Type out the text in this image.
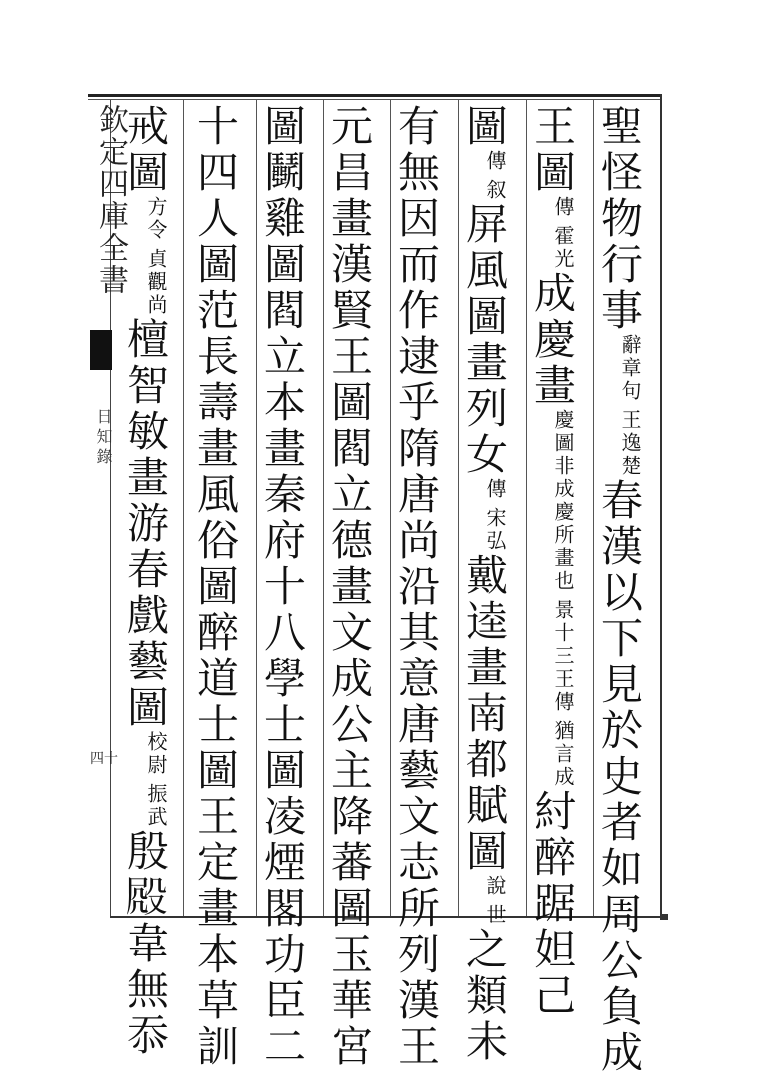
欽定四庫全書
日知錄
四十
聖怪物行事
王逸楚
辭章句
春漢以下見於史者如周公負成
王圖
霍光
傳
成慶畫
景十三王傳
慶圖非成慶所畫也
猶言成
紂醉踞妲己
圖
叙
傳
屏風圖畫列女
宋弘
傳
戴逵畫南都賦圖
世
說
之類未
有無因而作逮乎隋唐尚沿其意唐藝文志所列漢王
元昌畫漢賢王圖閻立德畫文成公主降蕃圖玉華宮
圖鬭雞圖閻立本畫秦府十八學士圖凌煙閣功臣二
十四人圖范長壽畫風俗圖醉道士圖王定畫本草訓
戒圖
貞觀尚
方令
檀智敏畫游春戲藝圖
振武
校尉
殷𣪍韋無忝
